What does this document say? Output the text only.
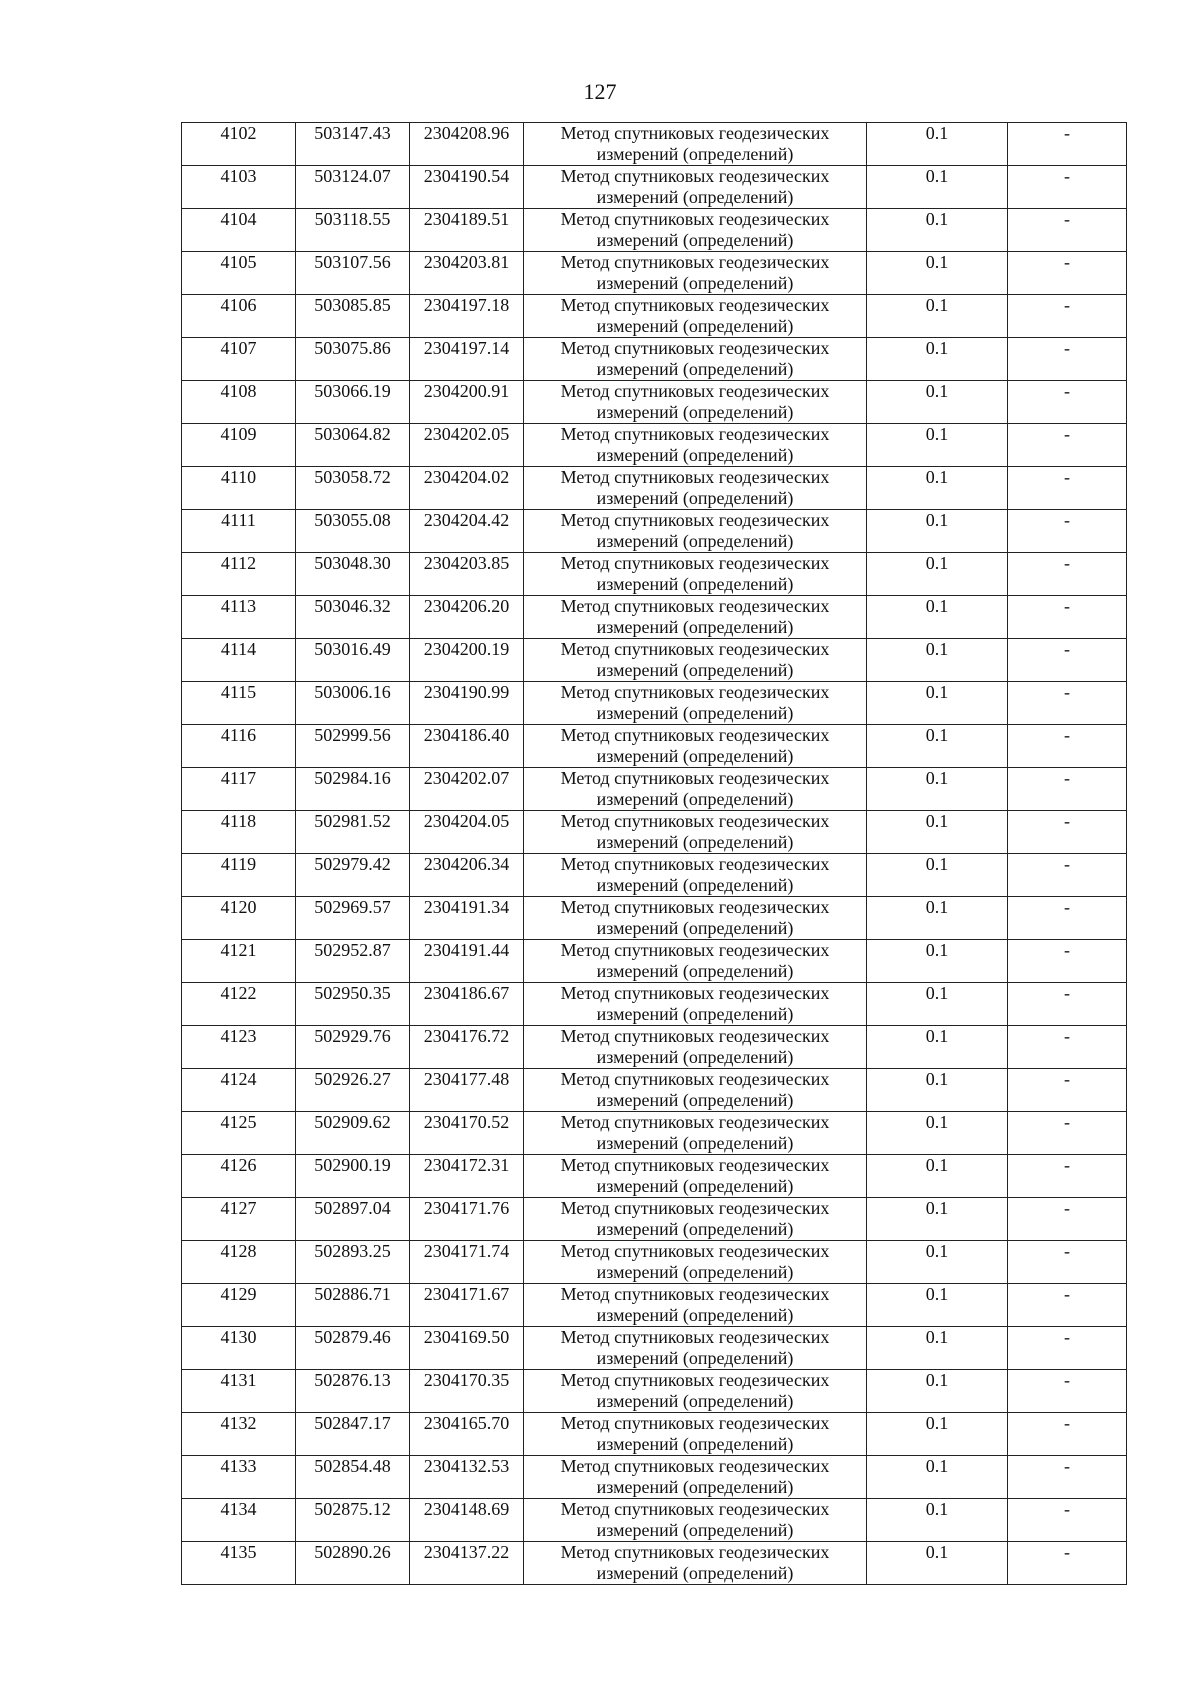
127
4102	503147.43	2304208.96	Метод спутниковых геодезических
измерений (определений)	0.1	-
4103	503124.07	2304190.54	Метод спутниковых геодезических
измерений (определений)	0.1	-
4104	503118.55	2304189.51	Метод спутниковых геодезических
измерений (определений)	0.1	-
4105	503107.56	2304203.81	Метод спутниковых геодезических
измерений (определений)	0.1	-
4106	503085.85	2304197.18	Метод спутниковых геодезических
измерений (определений)	0.1	-
4107	503075.86	2304197.14	Метод спутниковых геодезических
измерений (определений)	0.1	-
4108	503066.19	2304200.91	Метод спутниковых геодезических
измерений (определений)	0.1	-
4109	503064.82	2304202.05	Метод спутниковых геодезических
измерений (определений)	0.1	-
4110	503058.72	2304204.02	Метод спутниковых геодезических
измерений (определений)	0.1	-
4111	503055.08	2304204.42	Метод спутниковых геодезических
измерений (определений)	0.1	-
4112	503048.30	2304203.85	Метод спутниковых геодезических
измерений (определений)	0.1	-
4113	503046.32	2304206.20	Метод спутниковых геодезических
измерений (определений)	0.1	-
4114	503016.49	2304200.19	Метод спутниковых геодезических
измерений (определений)	0.1	-
4115	503006.16	2304190.99	Метод спутниковых геодезических
измерений (определений)	0.1	-
4116	502999.56	2304186.40	Метод спутниковых геодезических
измерений (определений)	0.1	-
4117	502984.16	2304202.07	Метод спутниковых геодезических
измерений (определений)	0.1	-
4118	502981.52	2304204.05	Метод спутниковых геодезических
измерений (определений)	0.1	-
4119	502979.42	2304206.34	Метод спутниковых геодезических
измерений (определений)	0.1	-
4120	502969.57	2304191.34	Метод спутниковых геодезических
измерений (определений)	0.1	-
4121	502952.87	2304191.44	Метод спутниковых геодезических
измерений (определений)	0.1	-
4122	502950.35	2304186.67	Метод спутниковых геодезических
измерений (определений)	0.1	-
4123	502929.76	2304176.72	Метод спутниковых геодезических
измерений (определений)	0.1	-
4124	502926.27	2304177.48	Метод спутниковых геодезических
измерений (определений)	0.1	-
4125	502909.62	2304170.52	Метод спутниковых геодезических
измерений (определений)	0.1	-
4126	502900.19	2304172.31	Метод спутниковых геодезических
измерений (определений)	0.1	-
4127	502897.04	2304171.76	Метод спутниковых геодезических
измерений (определений)	0.1	-
4128	502893.25	2304171.74	Метод спутниковых геодезических
измерений (определений)	0.1	-
4129	502886.71	2304171.67	Метод спутниковых геодезических
измерений (определений)	0.1	-
4130	502879.46	2304169.50	Метод спутниковых геодезических
измерений (определений)	0.1	-
4131	502876.13	2304170.35	Метод спутниковых геодезических
измерений (определений)	0.1	-
4132	502847.17	2304165.70	Метод спутниковых геодезических
измерений (определений)	0.1	-
4133	502854.48	2304132.53	Метод спутниковых геодезических
измерений (определений)	0.1	-
4134	502875.12	2304148.69	Метод спутниковых геодезических
измерений (определений)	0.1	-
4135	502890.26	2304137.22	Метод спутниковых геодезических
измерений (определений)	0.1	-
